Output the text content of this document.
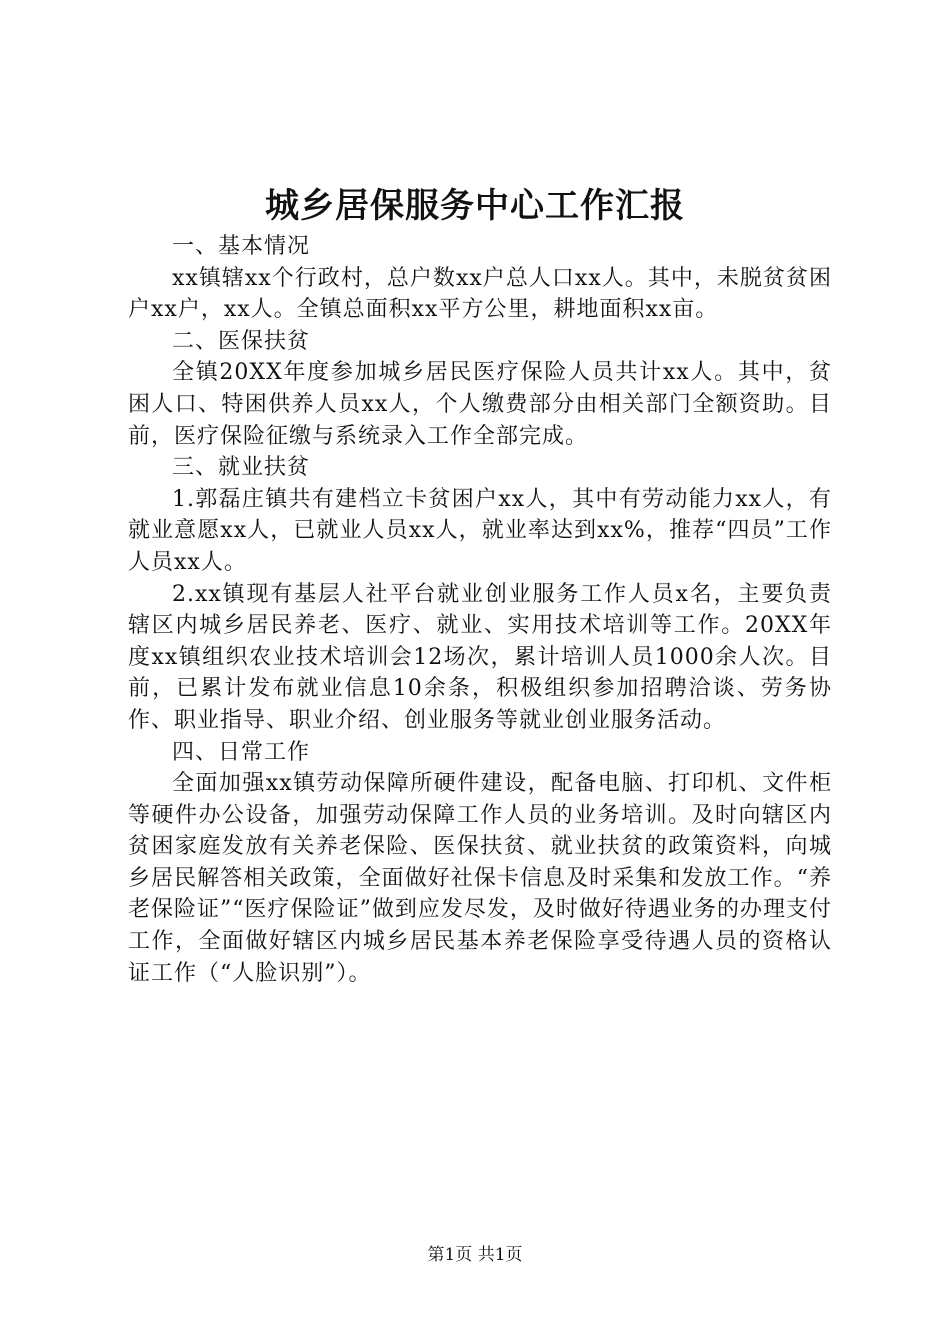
城乡居保服务中心工作汇报

一、基本情况

xx镇辖xx个行政村，总户数xx户总人口xx人。其中，未脱贫贫困户xx户，xx人。全镇总面积xx平方公里，耕地面积xx亩。

二、医保扶贫

全镇20XX年度参加城乡居民医疗保险人员共计xx人。其中，贫困人口、特困供养人员xx人，个人缴费部分由相关部门全额资助。目前，医疗保险征缴与系统录入工作全部完成。

三、就业扶贫

1.郭磊庄镇共有建档立卡贫困户xx人，其中有劳动能力xx人，有就业意愿xx人，已就业人员xx人，就业率达到xx%，推荐“四员”工作人员xx人。

2.xx镇现有基层人社平台就业创业服务工作人员x名，主要负责辖区内城乡居民养老、医疗、就业、实用技术培训等工作。20XX年度xx镇组织农业技术培训会12场次，累计培训人员1000余人次。目前，已累计发布就业信息10余条，积极组织参加招聘洽谈、劳务协作、职业指导、职业介绍、创业服务等就业创业服务活动。

四、日常工作

全面加强xx镇劳动保障所硬件建设，配备电脑、打印机、文件柜等硬件办公设备，加强劳动保障工作人员的业务培训。及时向辖区内贫困家庭发放有关养老保险、医保扶贫、就业扶贫的政策资料，向城乡居民解答相关政策，全面做好社保卡信息及时采集和发放工作。“养老保险证”“医疗保险证”做到应发尽发，及时做好待遇业务的办理支付工作，全面做好辖区内城乡居民基本养老保险享受待遇人员的资格认证工作（“人脸识别”）。

第1页 共1页
